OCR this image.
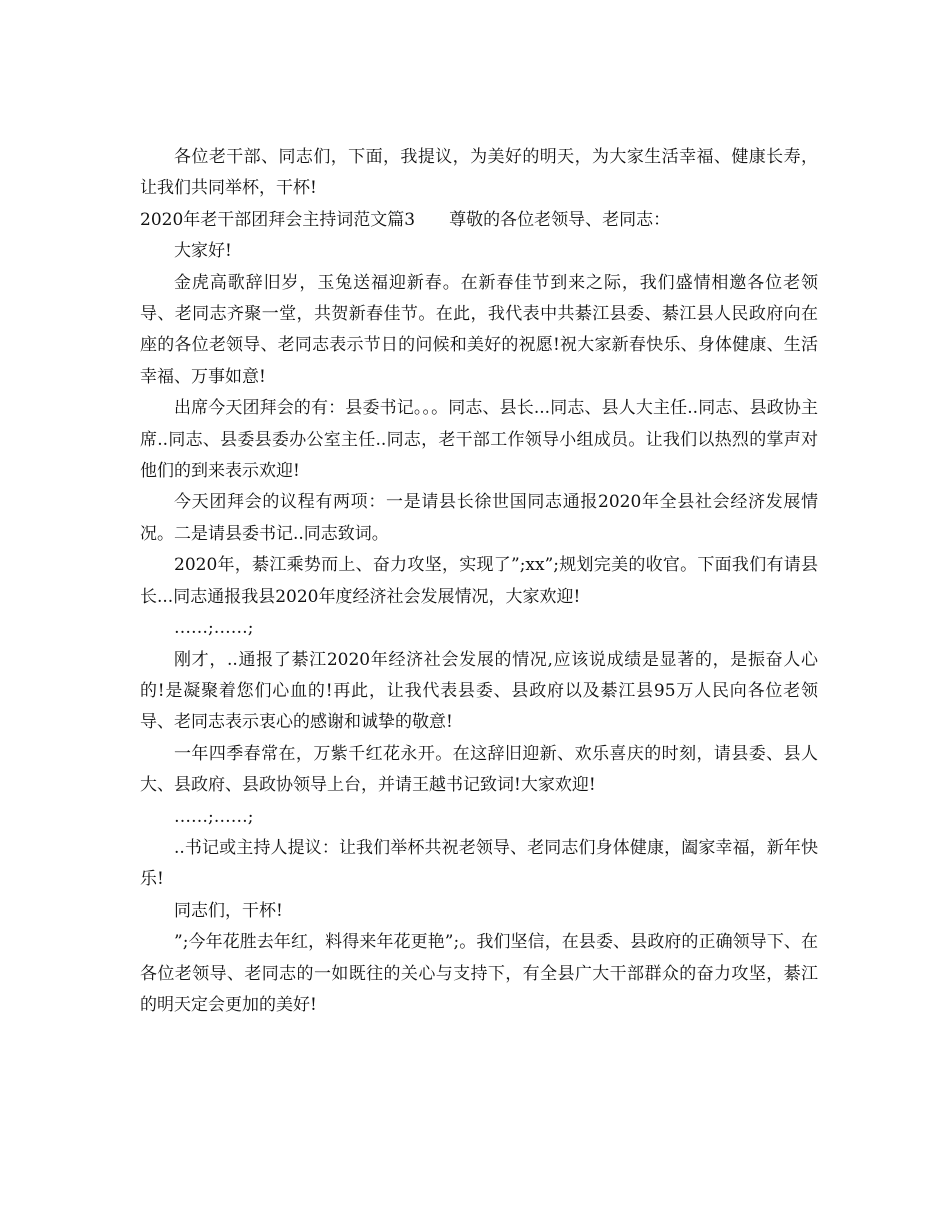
各位老干部、同志们，下面，我提议，为美好的明天，为大家生活幸福、健康长寿，让我们共同举杯，干杯!

2020年老干部团拜会主持词范文篇3　　尊敬的各位老领导、老同志：

大家好!

金虎高歌辞旧岁，玉兔送福迎新春。在新春佳节到来之际，我们盛情相邀各位老领导、老同志齐聚一堂，共贺新春佳节。在此，我代表中共綦江县委、綦江县人民政府向在座的各位老领导、老同志表示节日的问候和美好的祝愿!祝大家新春快乐、身体健康、生活幸福、万事如意!

出席今天团拜会的有：县委书记。。。同志、县长...同志、县人大主任..同志、县政协主席..同志、县委县委办公室主任..同志，老干部工作领导小组成员。让我们以热烈的掌声对他们的到来表示欢迎!

今天团拜会的议程有两项：一是请县长徐世国同志通报2020年全县社会经济发展情况。二是请县委书记..同志致词。

2020年，綦江乘势而上、奋力攻坚，实现了”;xx”;规划完美的收官。下面我们有请县长...同志通报我县2020年度经济社会发展情况，大家欢迎!

……;……;

刚才，..通报了綦江2020年经济社会发展的情况,应该说成绩是显著的，是振奋人心的!是凝聚着您们心血的!再此，让我代表县委、县政府以及綦江县95万人民向各位老领导、老同志表示衷心的感谢和诚挚的敬意!

一年四季春常在，万紫千红花永开。在这辞旧迎新、欢乐喜庆的时刻，请县委、县人大、县政府、县政协领导上台，并请王越书记致词!大家欢迎!

……;……;

..书记或主持人提议：让我们举杯共祝老领导、老同志们身体健康，阖家幸福，新年快乐!

同志们，干杯!

”;今年花胜去年红，料得来年花更艳”;。我们坚信，在县委、县政府的正确领导下、在各位老领导、老同志的一如既往的关心与支持下，有全县广大干部群众的奋力攻坚，綦江的明天定会更加的美好!
